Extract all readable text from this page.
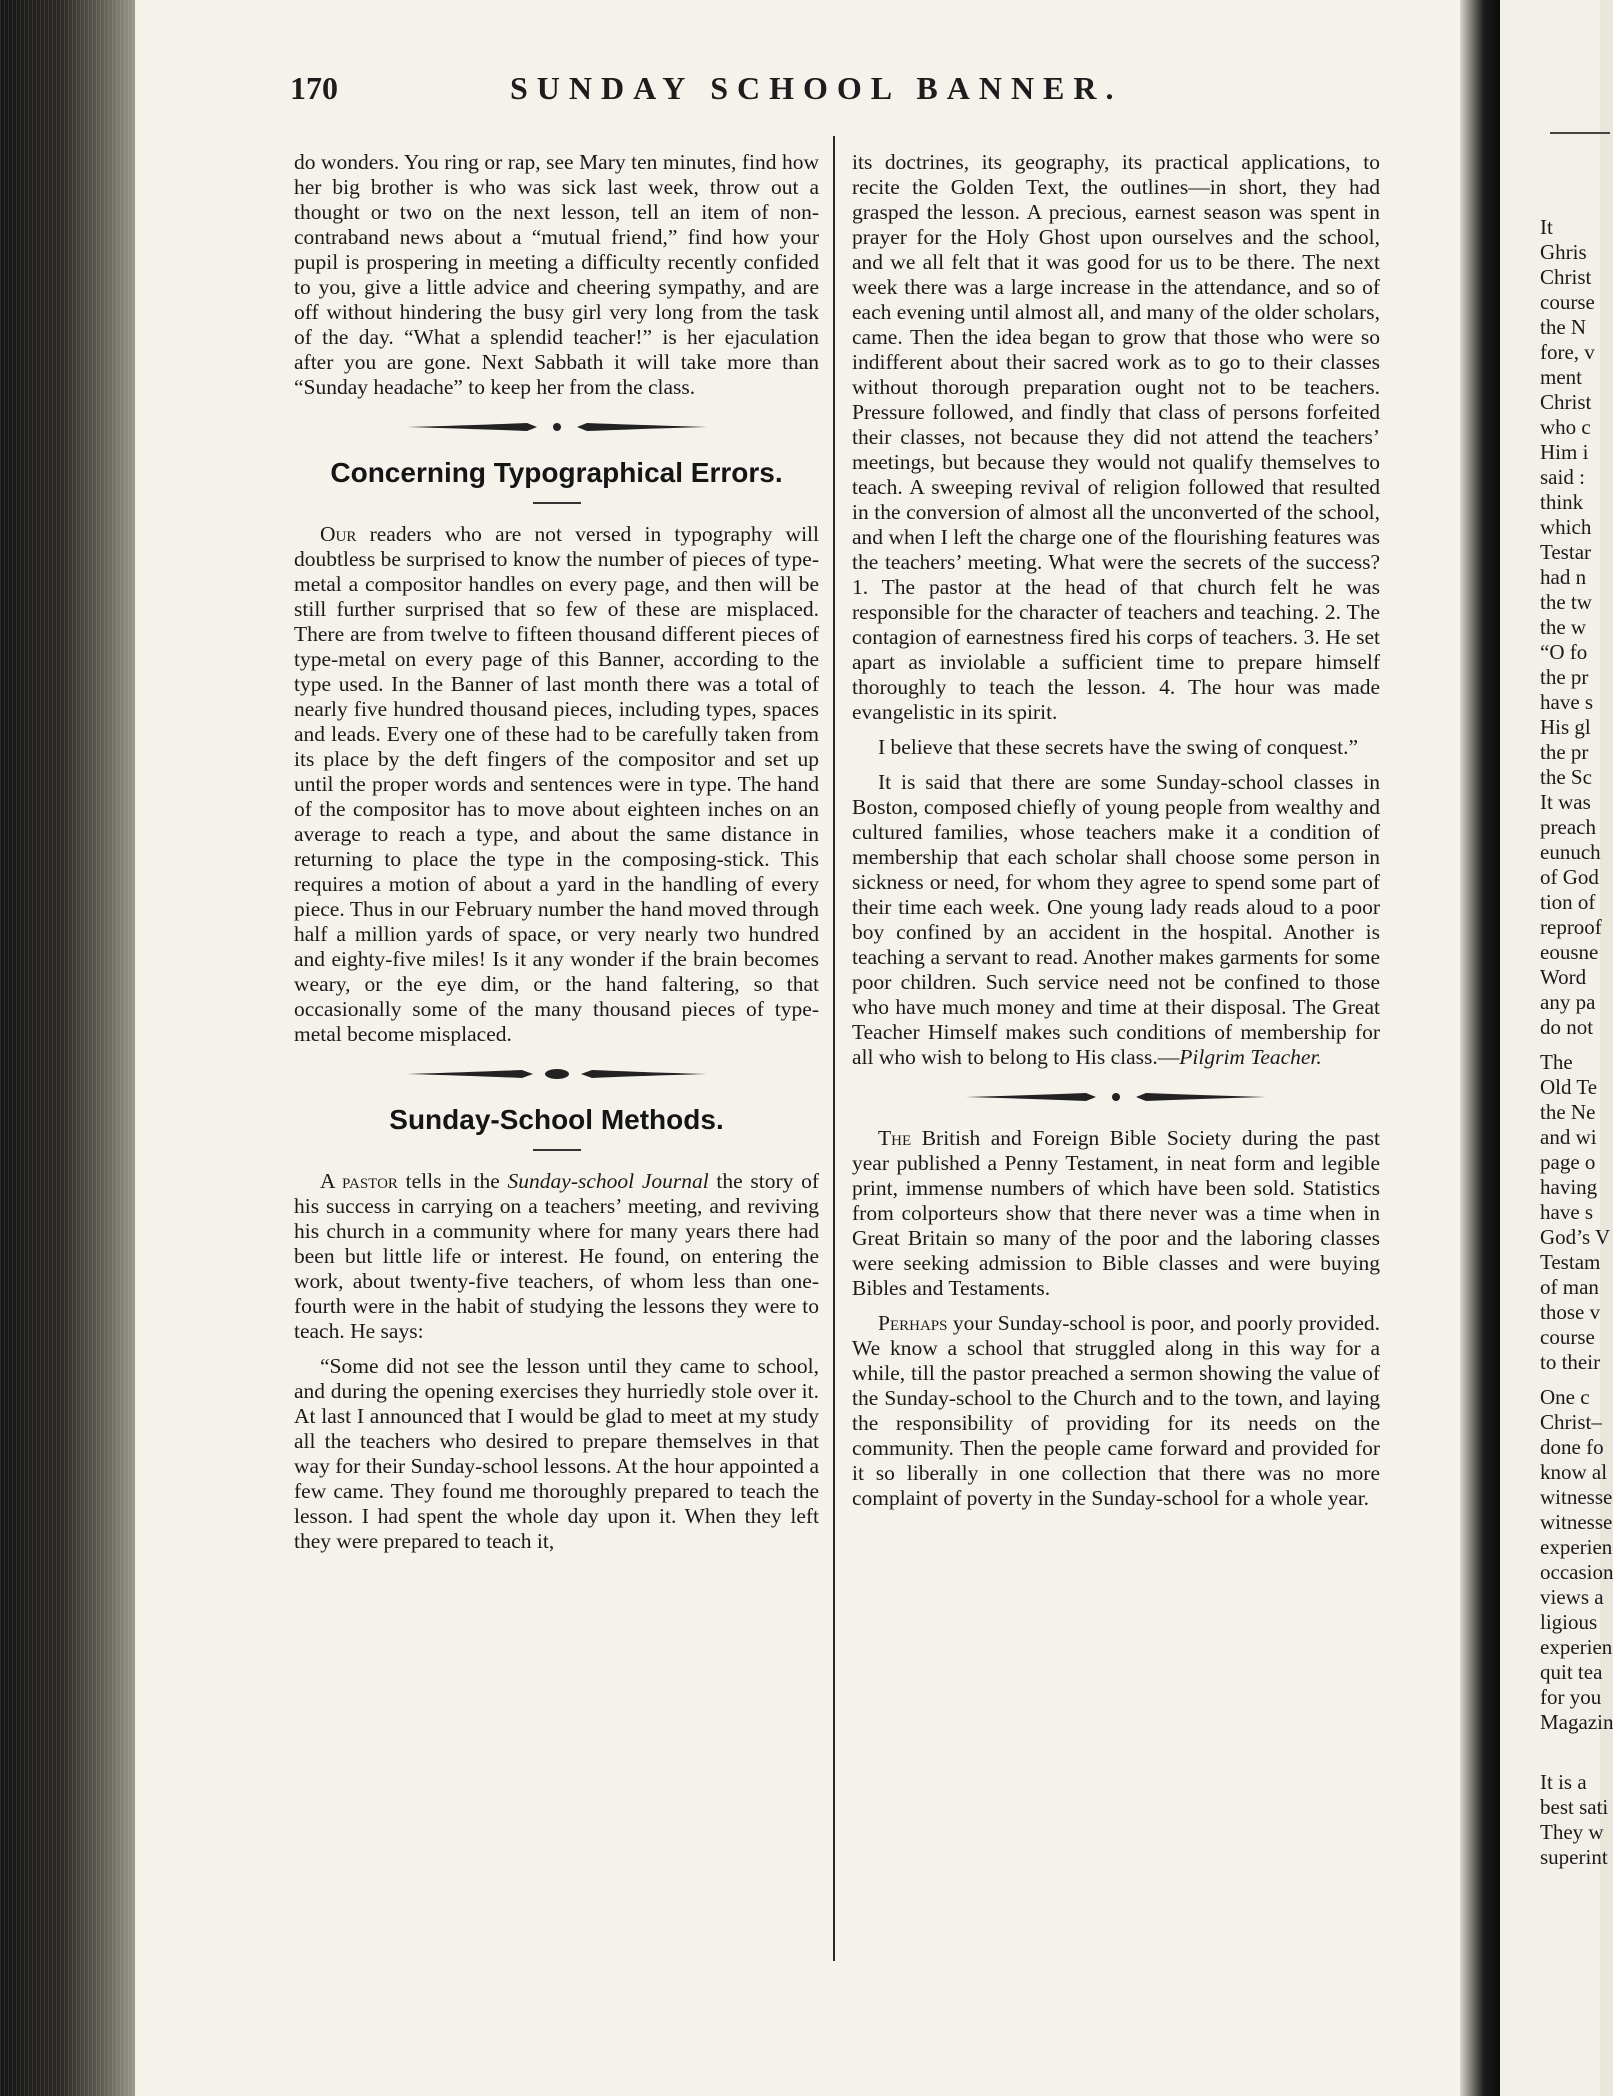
It
Ghris
Christ
course
the N
fore, v
ment
Christ
who c
Him i
said :
think
which
Testar
had n
the tw
the w
“O fo
the pr
have s
His gl
the pr
the Sc
It was
preach
eunuch
of God
tion of
reproof
eousne
Word
any pa
do not
The
Old Te
the Ne
and wi
page o
having
have s
God’s V
Testam
of man
those v
course
to their
One c
Christ–
done fo
know al
witnesse
witnesse
experien
occasion
views a
ligious
experien
quit tea
for you
Magazin
It is a
best sati
They w
superint
170	SUNDAY SCHOOL BANNER.

do wonders. You ring or rap, see Mary ten minutes, find how her big brother is who was sick last week, throw out a thought or two on the next lesson, tell an item of non-contraband news about a “mutual friend,” find how your pupil is prospering in meeting a difficulty recently confided to you, give a little advice and cheering sympathy, and are off without hindering the busy girl very long from the task of the day. “What a splendid teacher!” is her ejaculation after you are gone. Next Sabbath it will take more than “Sunday headache” to keep her from the class.

Concerning Typographical Errors.

Our readers who are not versed in typography will doubtless be surprised to know the number of pieces of type-metal a compositor handles on every page, and then will be still further surprised that so few of these are misplaced. There are from twelve to fifteen thousand different pieces of type-metal on every page of this Banner, according to the type used. In the Banner of last month there was a total of nearly five hundred thousand pieces, including types, spaces and leads. Every one of these had to be carefully taken from its place by the deft fingers of the compositor and set up until the proper words and sentences were in type. The hand of the compositor has to move about eighteen inches on an average to reach a type, and about the same distance in returning to place the type in the composing-stick. This requires a motion of about a yard in the handling of every piece. Thus in our February number the hand moved through half a million yards of space, or very nearly two hundred and eighty-five miles! Is it any wonder if the brain becomes weary, or the eye dim, or the hand faltering, so that occasionally some of the many thousand pieces of type-metal become misplaced.

Sunday-School Methods.

A pastor tells in the Sunday-school Journal the story of his success in carrying on a teachers’ meeting, and reviving his church in a community where for many years there had been but little life or interest. He found, on entering the work, about twenty-five teachers, of whom less than one-fourth were in the habit of studying the lessons they were to teach. He says:

“Some did not see the lesson until they came to school, and during the opening exercises they hurriedly stole over it. At last I announced that I would be glad to meet at my study all the teachers who desired to prepare themselves in that way for their Sunday-school lessons. At the hour appointed a few came. They found me thoroughly prepared to teach the lesson. I had spent the whole day upon it. When they left they were prepared to teach it,

its doctrines, its geography, its practical applications, to recite the Golden Text, the outlines—in short, they had grasped the lesson. A precious, earnest season was spent in prayer for the Holy Ghost upon ourselves and the school, and we all felt that it was good for us to be there. The next week there was a large increase in the attendance, and so of each evening until almost all, and many of the older scholars, came. Then the idea began to grow that those who were so indifferent about their sacred work as to go to their classes without thorough preparation ought not to be teachers. Pressure followed, and findly that class of persons forfeited their classes, not because they did not attend the teachers’ meetings, but because they would not qualify themselves to teach. A sweeping revival of religion followed that resulted in the conversion of almost all the unconverted of the school, and when I left the charge one of the flourishing features was the teachers’ meeting. What were the secrets of the success? 1. The pastor at the head of that church felt he was responsible for the character of teachers and teaching. 2. The contagion of earnestness fired his corps of teachers. 3. He set apart as inviolable a sufficient time to prepare himself thoroughly to teach the lesson. 4. The hour was made evangelistic in its spirit.

I believe that these secrets have the swing of conquest.”

It is said that there are some Sunday-school classes in Boston, composed chiefly of young people from wealthy and cultured families, whose teachers make it a condition of membership that each scholar shall choose some person in sickness or need, for whom they agree to spend some part of their time each week. One young lady reads aloud to a poor boy confined by an accident in the hospital. Another is teaching a servant to read. Another makes garments for some poor children. Such service need not be confined to those who have much money and time at their disposal. The Great Teacher Himself makes such conditions of membership for all who wish to belong to His class.—Pilgrim Teacher.

The British and Foreign Bible Society during the past year published a Penny Testament, in neat form and legible print, immense numbers of which have been sold. Statistics from colporteurs show that there never was a time when in Great Britain so many of the poor and the laboring classes were seeking admission to Bible classes and were buying Bibles and Testaments.

Perhaps your Sunday-school is poor, and poorly provided. We know a school that struggled along in this way for a while, till the pastor preached a sermon showing the value of the Sunday-school to the Church and to the town, and laying the responsibility of providing for its needs on the community. Then the people came forward and provided for it so liberally in one collection that there was no more complaint of poverty in the Sunday-school for a whole year.
